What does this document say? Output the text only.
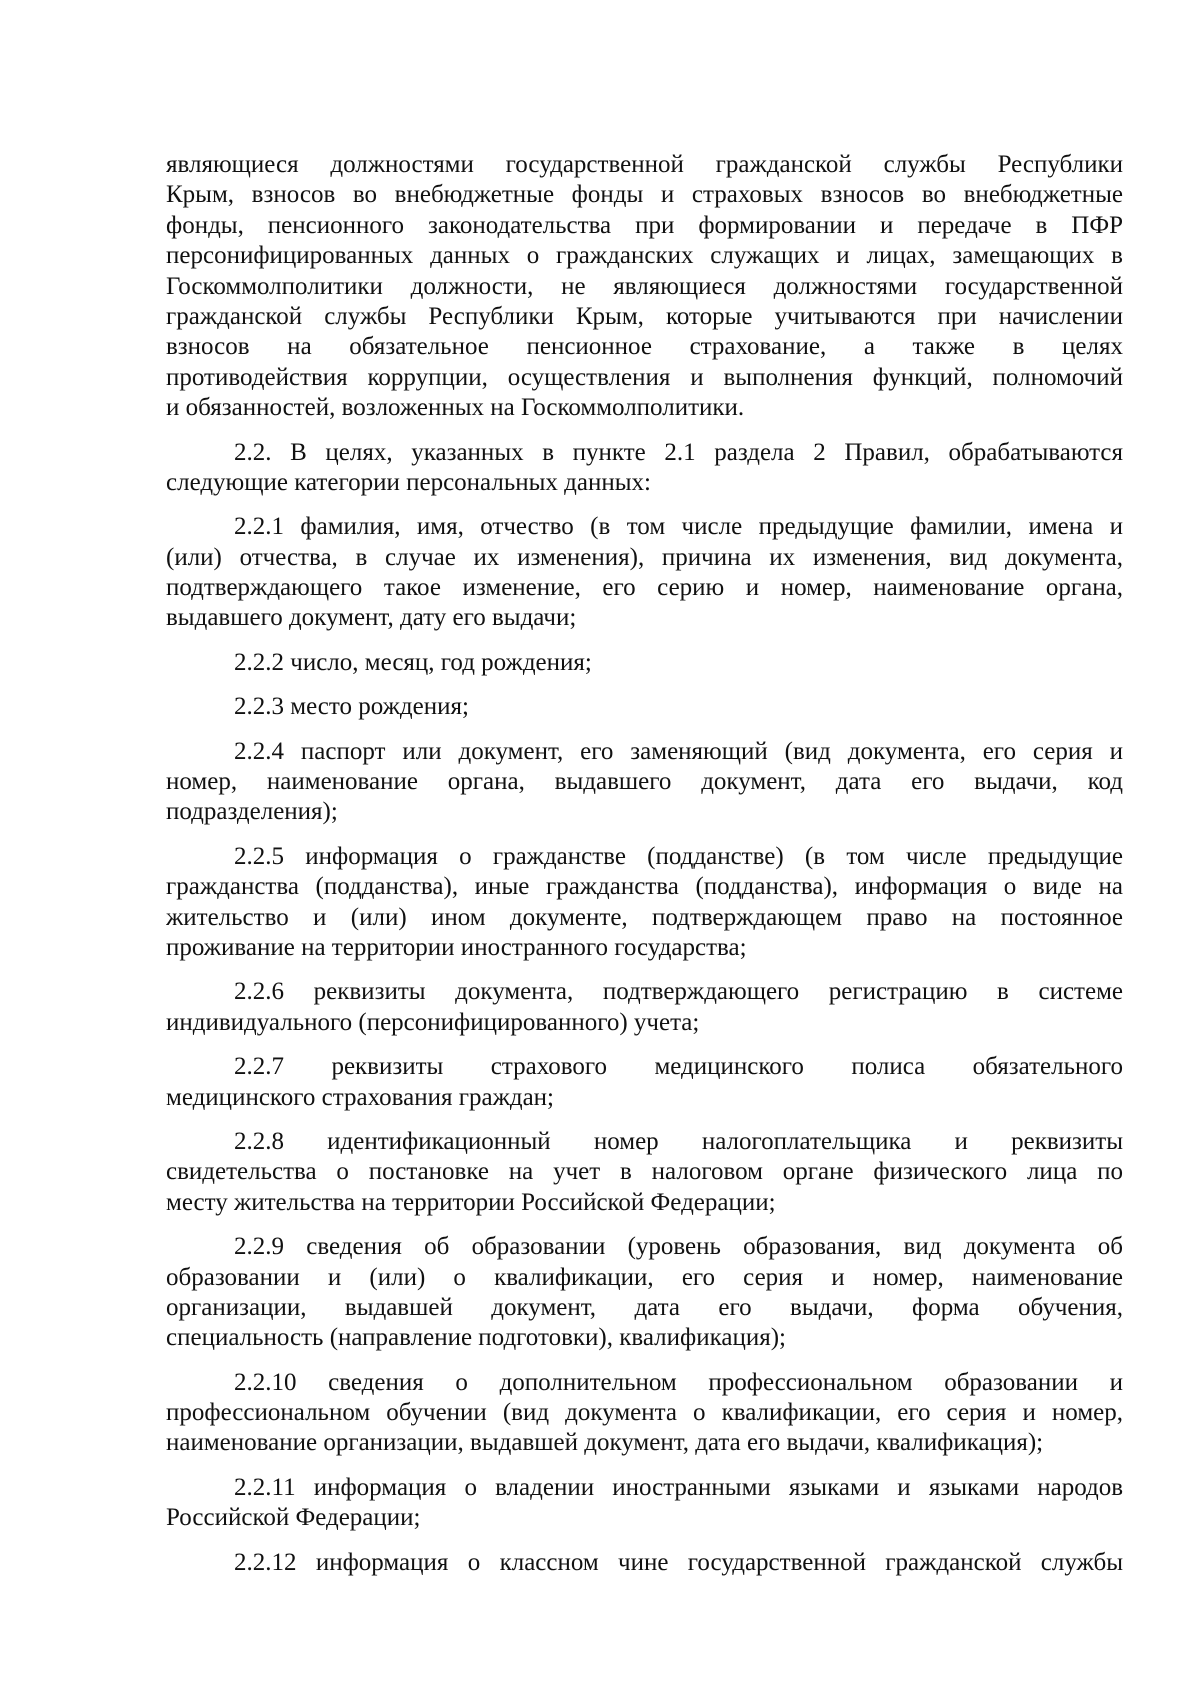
являющиеся должностями государственной гражданской службы Республики
Крым, взносов во внебюджетные фонды и страховых взносов во внебюджетные
фонды, пенсионного законодательства при формировании и передаче в ПФР
персонифицированных данных о гражданских служащих и лицах, замещающих в
Госкоммолполитики должности, не являющиеся должностями государственной
гражданской службы Республики Крым, которые учитываются при начислении
взносов на обязательное пенсионное страхование, а также в целях
противодействия коррупции, осуществления и выполнения функций, полномочий
и обязанностей, возложенных на Госкоммолполитики.
2.2. В целях, указанных в пункте 2.1 раздела 2 Правил, обрабатываются
следующие категории персональных данных:
2.2.1 фамилия, имя, отчество (в том числе предыдущие фамилии, имена и
(или) отчества, в случае их изменения), причина их изменения, вид документа,
подтверждающего такое изменение, его серию и номер, наименование органа,
выдавшего документ, дату его выдачи;
2.2.2 число, месяц, год рождения;
2.2.3 место рождения;
2.2.4 паспорт или документ, его заменяющий (вид документа, его серия и
номер, наименование органа, выдавшего документ, дата его выдачи, код
подразделения);
2.2.5 информация о гражданстве (подданстве) (в том числе предыдущие
гражданства (подданства), иные гражданства (подданства), информация о виде на
жительство и (или) ином документе, подтверждающем право на постоянное
проживание на территории иностранного государства;
2.2.6 реквизиты документа, подтверждающего регистрацию в системе
индивидуального (персонифицированного) учета;
2.2.7 реквизиты страхового медицинского полиса обязательного
медицинского страхования граждан;
2.2.8 идентификационный номер налогоплательщика и реквизиты
свидетельства о постановке на учет в налоговом органе физического лица по
месту жительства на территории Российской Федерации;
2.2.9 сведения об образовании (уровень образования, вид документа об
образовании и (или) о квалификации, его серия и номер, наименование
организации, выдавшей документ, дата его выдачи, форма обучения,
специальность (направление подготовки), квалификация);
2.2.10 сведения о дополнительном профессиональном образовании и
профессиональном обучении (вид документа о квалификации, его серия и номер,
наименование организации, выдавшей документ, дата его выдачи, квалификация);
2.2.11 информация о владении иностранными языками и языками народов
Российской Федерации;
2.2.12 информация о классном чине государственной гражданской службы
